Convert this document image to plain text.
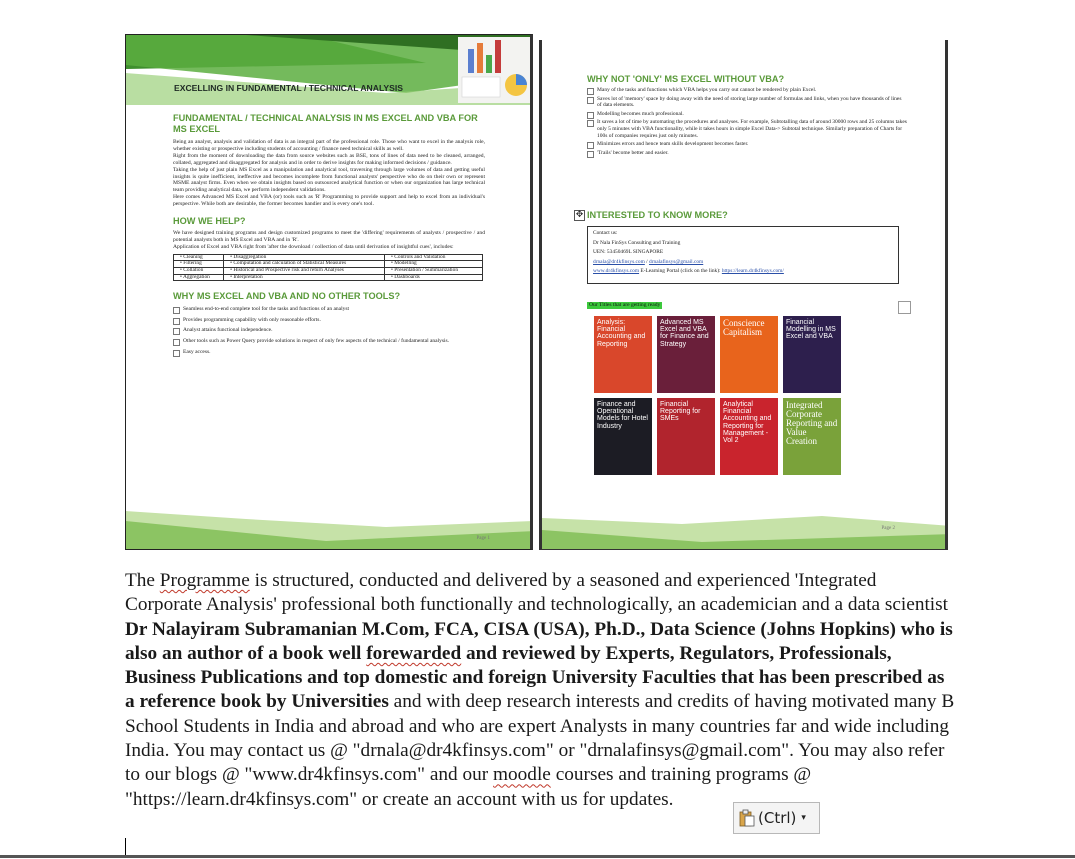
EXCELLING IN FUNDAMENTAL / TECHNICAL ANALYSIS
FUNDAMENTAL / TECHNICAL ANALYSIS IN MS EXCEL AND VBA FOR MS EXCEL

Being an analyst, analysis and validation of data is an integral part of the professional role. Those who want to excel in the analysis role, whether existing or prospective including students of accounting / finance need technical skills as well.

Right from the moment of downloading the data from source websites such as BSE, tons of lines of data need to be cleaned, arranged, collated, aggregated and disaggregated for analysis and in order to derive insights for making informed decisions / guidance.

Taking the help of just plain MS Excel as a manipulation and analytical tool, traversing through large volumes of data and getting useful insights is quite inefficient, ineffective and becomes incomplete from functional analysts' perspective who do on their own or represent MSME analyst firms. Even when we obtain insights based on outsourced analytical function or when our organization has large technical team providing analytical data, we perform independent validations.

Here comes Advanced MS Excel and VBA (or) tools such as 'R' Programming to provide support and help to excel from an individual's perspective. While both are desirable, the former becomes handier and is every one's tool.

HOW WE HELP?

We have designed training programs and design customized programs to meet the 'differing' requirements of analysts / prospective / and potential analysts both in MS Excel and VBA and in 'R'.

Application of Excel and VBA right from 'after the download / collection of data until derivation of insightful cues', includes:

• Cleaning	• Disaggregation	• Controls and Validation
• Filtering	• Computation and calculation of Statistical Measures	• Modelling
• Collation	• Historical and Prospective risk and return Analyses	• Presentation / Summarization
• Aggregation	• Interpretation	• Dashboards
WHY MS EXCEL AND VBA AND NO OTHER TOOLS?
Seamless end-to-end complete tool for the tasks and functions of an analyst
Provides programming capability with only reasonable efforts.
Analyst attains functional independence.
Other tools such as Power Query provide solutions in respect of only few aspects of the technical / fundamental analysis.
Easy access.
Page 1
WHY NOT 'ONLY' MS EXCEL WITHOUT VBA?
Many of the tasks and functions which VBA helps you carry out cannot be rendered by plain Excel.
Saves lot of 'memory' space by doing away with the need of storing large number of formulas and links, when you have thousands of lines of data elements.
Modelling becomes much professional.
It saves a lot of time by automating the procedures and analyses. For example, Subtotalling data of around 30000 rows and 25 columns takes only 5 minutes with VBA functionality, while it takes hours in simple Excel Data-> Subtotal technique. Similarly preparation of Charts for 100s of companies requires just only minutes.
Minimizes errors and hence team skills development becomes faster.
'Trails' become better and easier.
✥ INTERESTED TO KNOW MORE?
Contact us:
Dr Nala FinSys Consulting and Training
UEN: 53450469L SINGAPORE
drnala@dr4kfinsys.com / drnalafinsys@gmail.com
www.dr4kfinsys.com E-Learning Portal (click on the link): https://learn.dr4kfinsys.com/
Our Titles that are getting ready
Analysis: Financial Accounting and Reporting
Advanced MS Excel and VBA for Finance and Strategy
Conscience Capitalism
Financial Modelling in MS Excel and VBA
Finance and Operational Models for Hotel Industry
Financial Reporting for SMEs
Analytical Financial Accounting and Reporting for Management - Vol 2
Integrated Corporate Reporting and Value Creation
Page 2
The Programme is structured, conducted and delivered by a seasoned and experienced 'Integrated Corporate Analysis' professional both functionally and technologically, an academician and a data scientist Dr Nalayiram Subramanian M.Com, FCA, CISA (USA), Ph.D., Data Science (Johns Hopkins) who is also an author of a book well forewarded and reviewed by Experts, Regulators, Professionals, Business Publications and top domestic and foreign University Faculties that has been prescribed as a reference book by Universities and with deep research interests and credits of having motivated many B School Students in India and abroad and who are expert Analysts in many countries far and wide including India. You may contact us @ "drnala@dr4kfinsys.com" or "drnalafinsys@gmail.com". You may also refer to our blogs @ "www.dr4kfinsys.com" and our moodle courses and training programs @ "https://learn.dr4kfinsys.com" or create an account with us for updates.
(Ctrl) ▾
